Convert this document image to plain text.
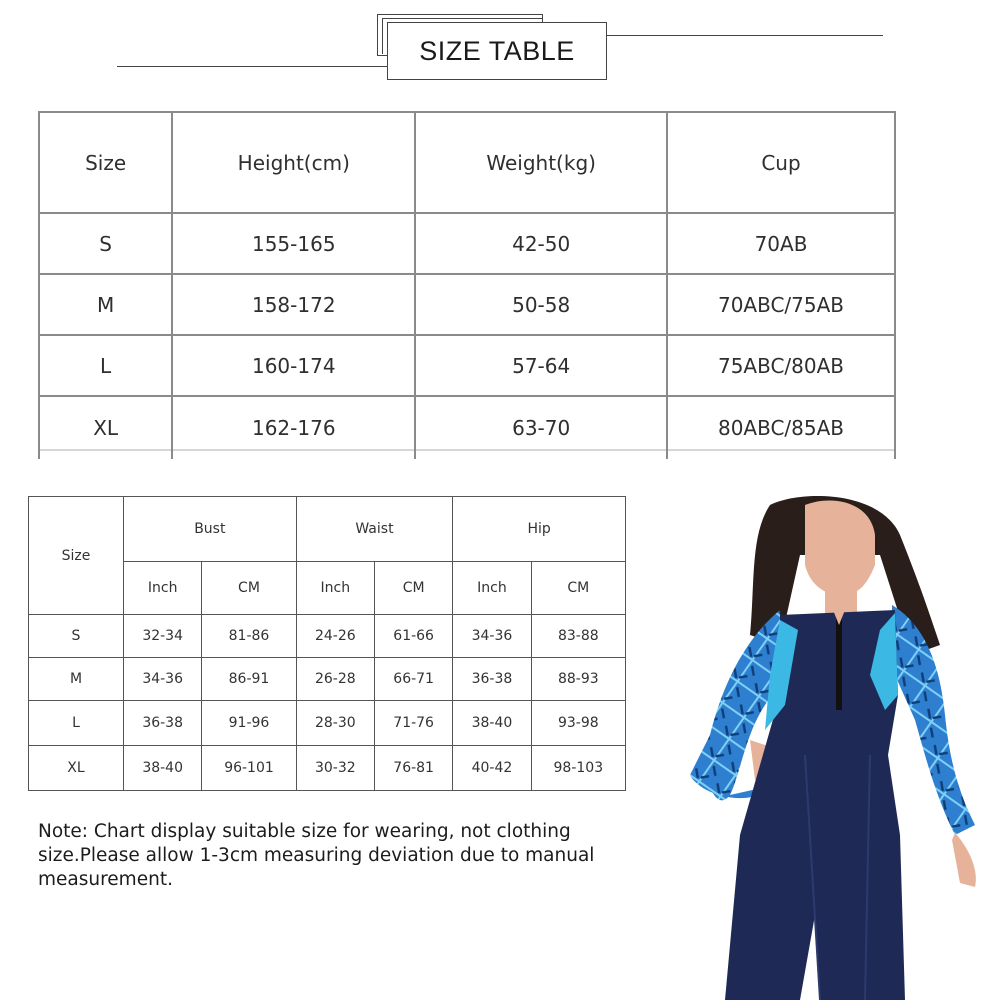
SIZE TABLE
Size	Height(cm)	Weight(kg)	Cup
S	155-165	42-50	70AB
M	158-172	50-58	70ABC/75AB
L	160-174	57-64	75ABC/80AB
XL	162-176	63-70	80ABC/85AB
Size	Bust		Waist		Hip	
	Inch	CM	Inch	CM	Inch	CM
S	32-34	81-86	24-26	61-66	34-36	83-88
M	34-36	86-91	26-28	66-71	36-38	88-93
L	36-38	91-96	28-30	71-76	38-40	93-98
XL	38-40	96-101	30-32	76-81	40-42	98-103
Note: Chart display suitable size for wearing, not clothing
size.Please allow 1-3cm measuring deviation due to manual
measurement.
